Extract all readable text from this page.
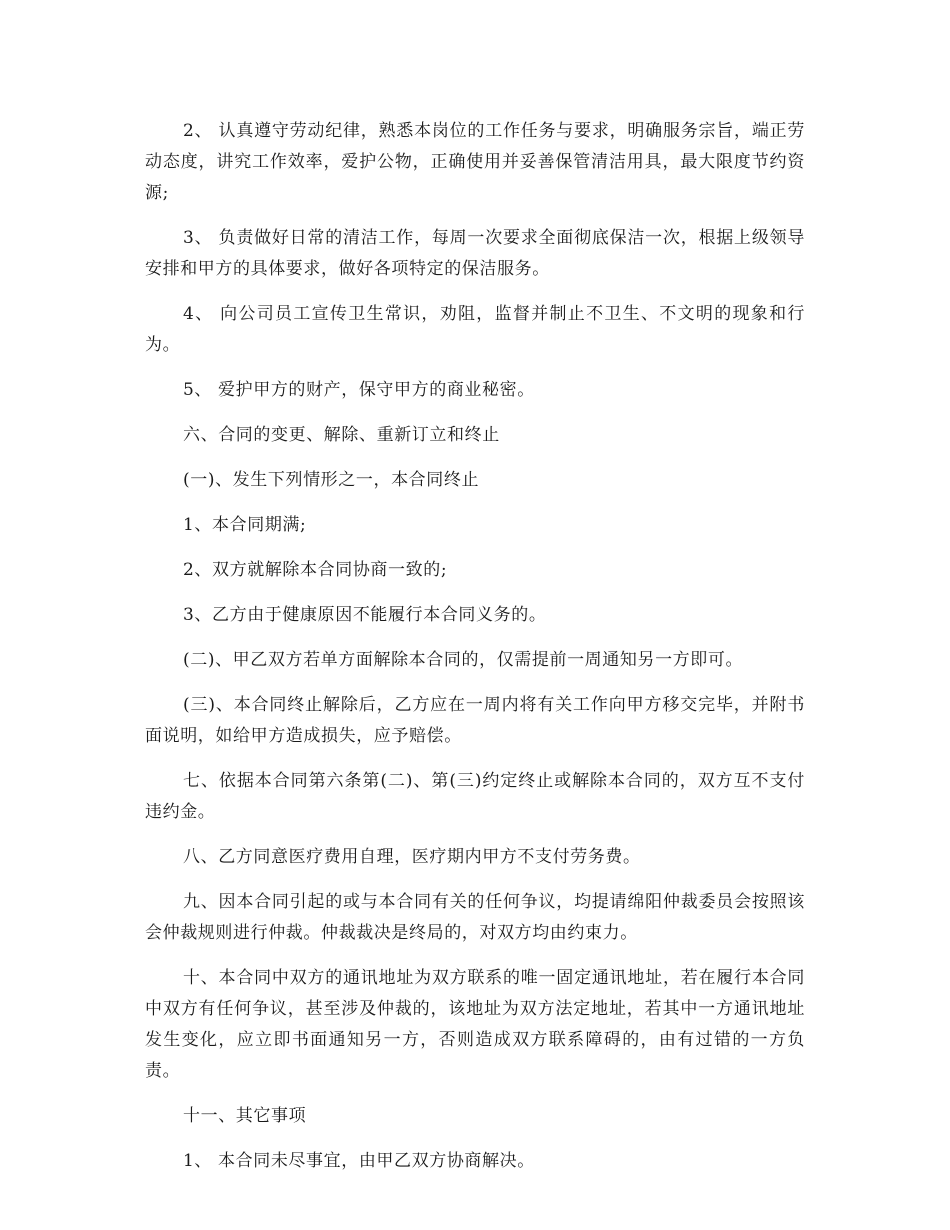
2、 认真遵守劳动纪律，熟悉本岗位的工作任务与要求，明确服务宗旨，端正劳动态度，讲究工作效率，爱护公物，正确使用并妥善保管清洁用具，最大限度节约资源;

3、 负责做好日常的清洁工作，每周一次要求全面彻底保洁一次，根据上级领导安排和甲方的具体要求，做好各项特定的保洁服务。

4、 向公司员工宣传卫生常识，劝阻，监督并制止不卫生、不文明的现象和行为。

5、 爱护甲方的财产，保守甲方的商业秘密。

六、合同的变更、解除、重新订立和终止

(一)、发生下列情形之一，本合同终止

1、本合同期满;

2、双方就解除本合同协商一致的;

3、乙方由于健康原因不能履行本合同义务的。

(二)、甲乙双方若单方面解除本合同的，仅需提前一周通知另一方即可。

(三)、本合同终止解除后，乙方应在一周内将有关工作向甲方移交完毕，并附书面说明，如给甲方造成损失，应予赔偿。

七、依据本合同第六条第(二)、第(三)约定终止或解除本合同的，双方互不支付违约金。

八、乙方同意医疗费用自理，医疗期内甲方不支付劳务费。

九、因本合同引起的或与本合同有关的任何争议，均提请绵阳仲裁委员会按照该会仲裁规则进行仲裁。仲裁裁决是终局的，对双方均由约束力。

十、本合同中双方的通讯地址为双方联系的唯一固定通讯地址，若在履行本合同中双方有任何争议，甚至涉及仲裁的，该地址为双方法定地址，若其中一方通讯地址发生变化，应立即书面通知另一方，否则造成双方联系障碍的，由有过错的一方负责。

十一、其它事项

1、 本合同未尽事宜，由甲乙双方协商解决。
